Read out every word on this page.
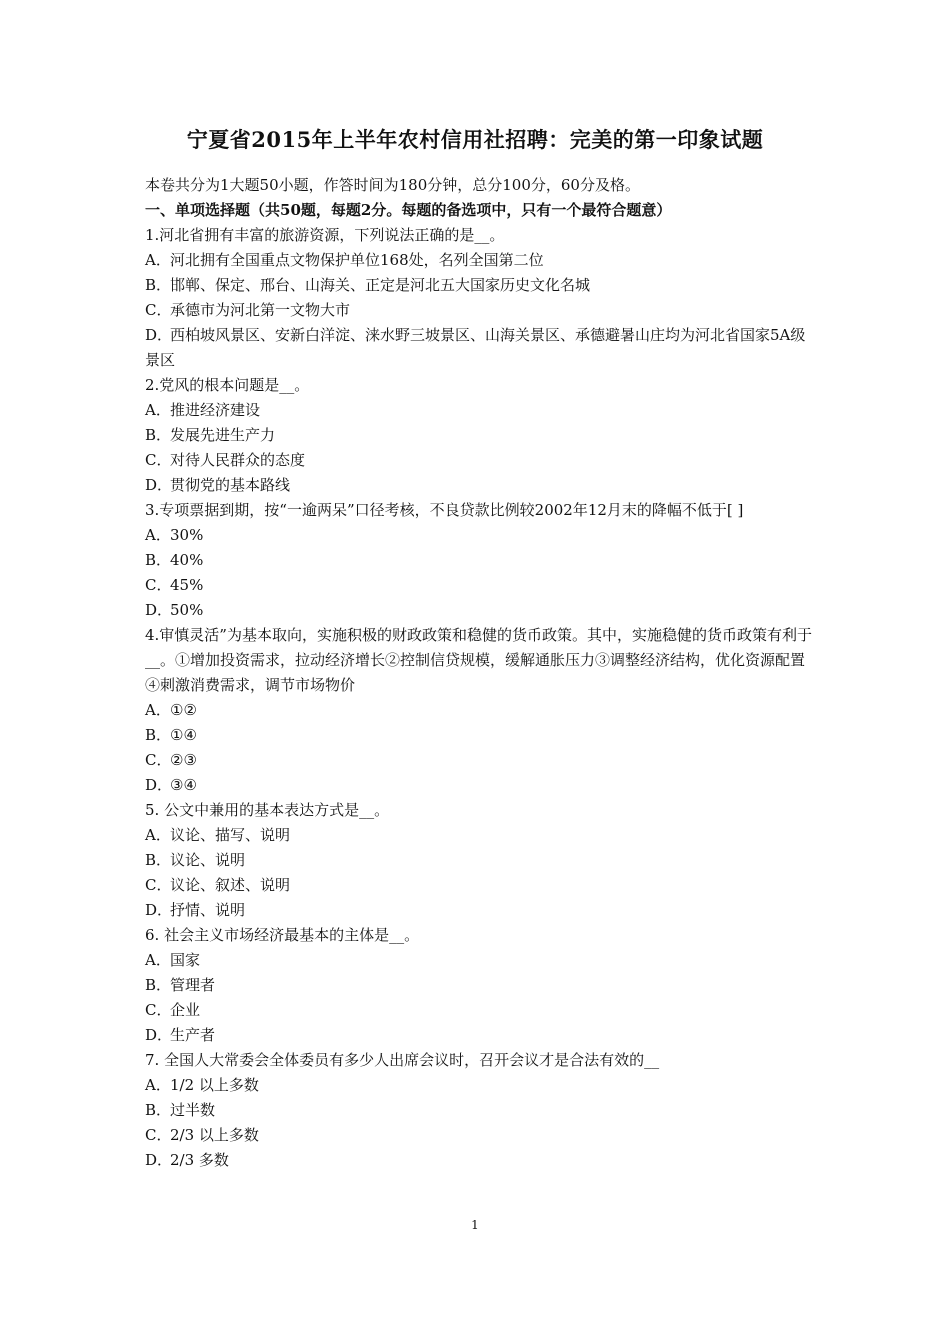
宁夏省2015年上半年农村信用社招聘：完美的第一印象试题
本卷共分为1大题50小题，作答时间为180分钟，总分100分，60分及格。
一、单项选择题（共50题，每题2分。每题的备选项中，只有一个最符合题意）
1.河北省拥有丰富的旅游资源，下列说法正确的是__。
A．河北拥有全国重点文物保护单位168处，名列全国第二位
B．邯郸、保定、邢台、山海关、正定是河北五大国家历史文化名城
C．承德市为河北第一文物大市
D．西柏坡风景区、安新白洋淀、涞水野三坡景区、山海关景区、承德避暑山庄均为河北省国家5A级景区
2.党风的根本问题是__。
A．推进经济建设
B．发展先进生产力
C．对待人民群众的态度
D．贯彻党的基本路线
3.专项票据到期，按“一逾两呆”口径考核，不良贷款比例较2002年12月末的降幅不低于[ ]
A．30%
B．40%
C．45%
D．50%
4.审慎灵活”为基本取向，实施积极的财政政策和稳健的货币政策。其中，实施稳健的货币政策有利于__。①增加投资需求，拉动经济增长②控制信贷规模，缓解通胀压力③调整经济结构，优化资源配置④刺激消费需求，调节市场物价
A．①②
B．①④
C．②③
D．③④
5. 公文中兼用的基本表达方式是__。
A．议论、描写、说明
B．议论、说明
C．议论、叙述、说明
D．抒情、说明
6. 社会主义市场经济最基本的主体是__。
A．国家
B．管理者
C．企业
D．生产者
7. 全国人大常委会全体委员有多少人出席会议时，召开会议才是合法有效的__
A．1/2 以上多数
B．过半数
C．2/3 以上多数
D．2/3 多数
1
